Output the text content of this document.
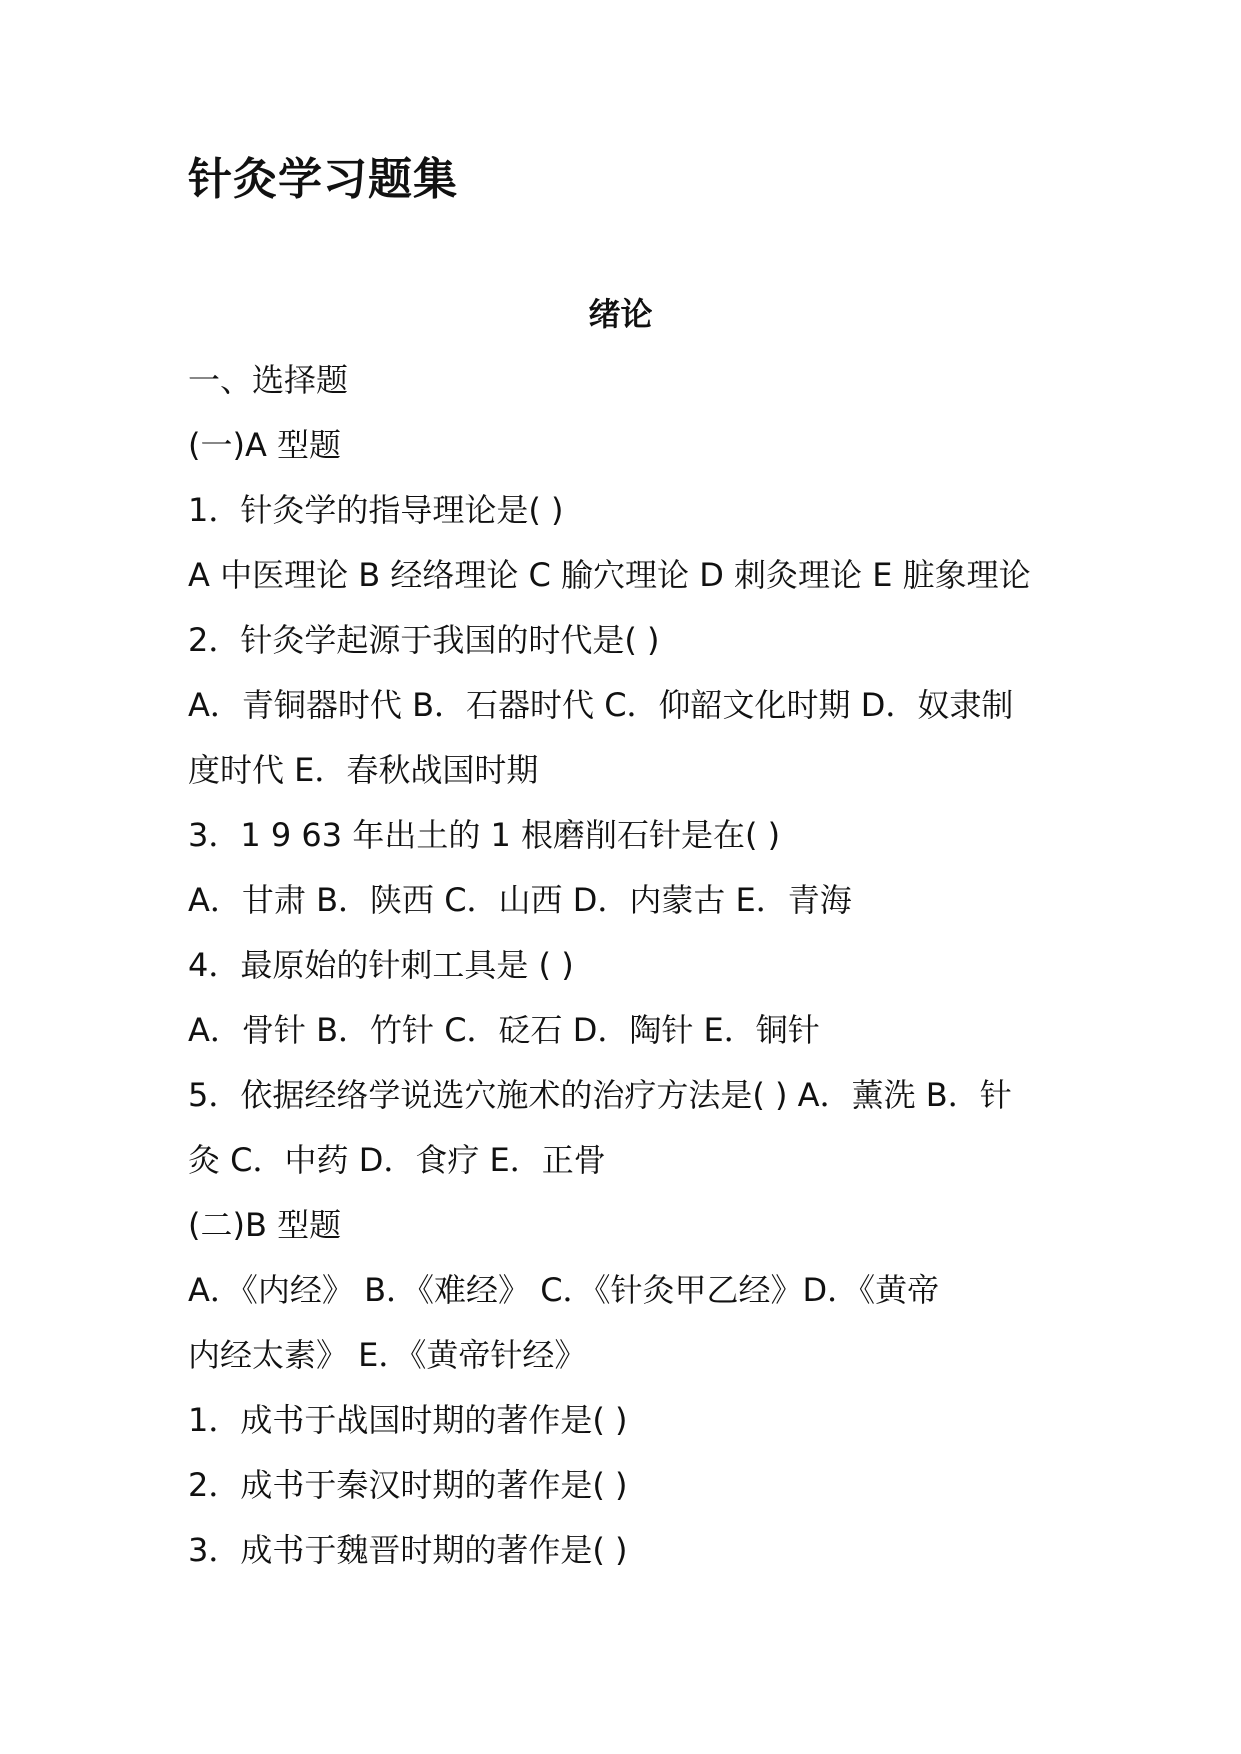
针灸学习题集
绪论
一、选择题
(一)A 型题
1．针灸学的指导理论是( )
A 中医理论 B 经络理论 C 腧穴理论 D 刺灸理论 E 脏象理论
2．针灸学起源于我国的时代是( )
A．青铜器时代 B．石器时代 C．仰韶文化时期 D．奴隶制
度时代 E．春秋战国时期
3．1 9 63 年出土的 1 根磨削石针是在( )
A．甘肃 B．陕西 C．山西 D．内蒙古 E．青海
4．最原始的针刺工具是 ( )
A．骨针 B．竹针 C．砭石 D．陶针 E．铜针
5．依据经络学说选穴施术的治疗方法是( ) A．薰洗 B．针
灸 C．中药 D．食疗 E．正骨
(二)B 型题
A．《内经》 B．《难经》 C．《针灸甲乙经》D．《黄帝
内经太素》 E．《黄帝针经》
1．成书于战国时期的著作是( )
2．成书于秦汉时期的著作是( )
3．成书于魏晋时期的著作是( )
